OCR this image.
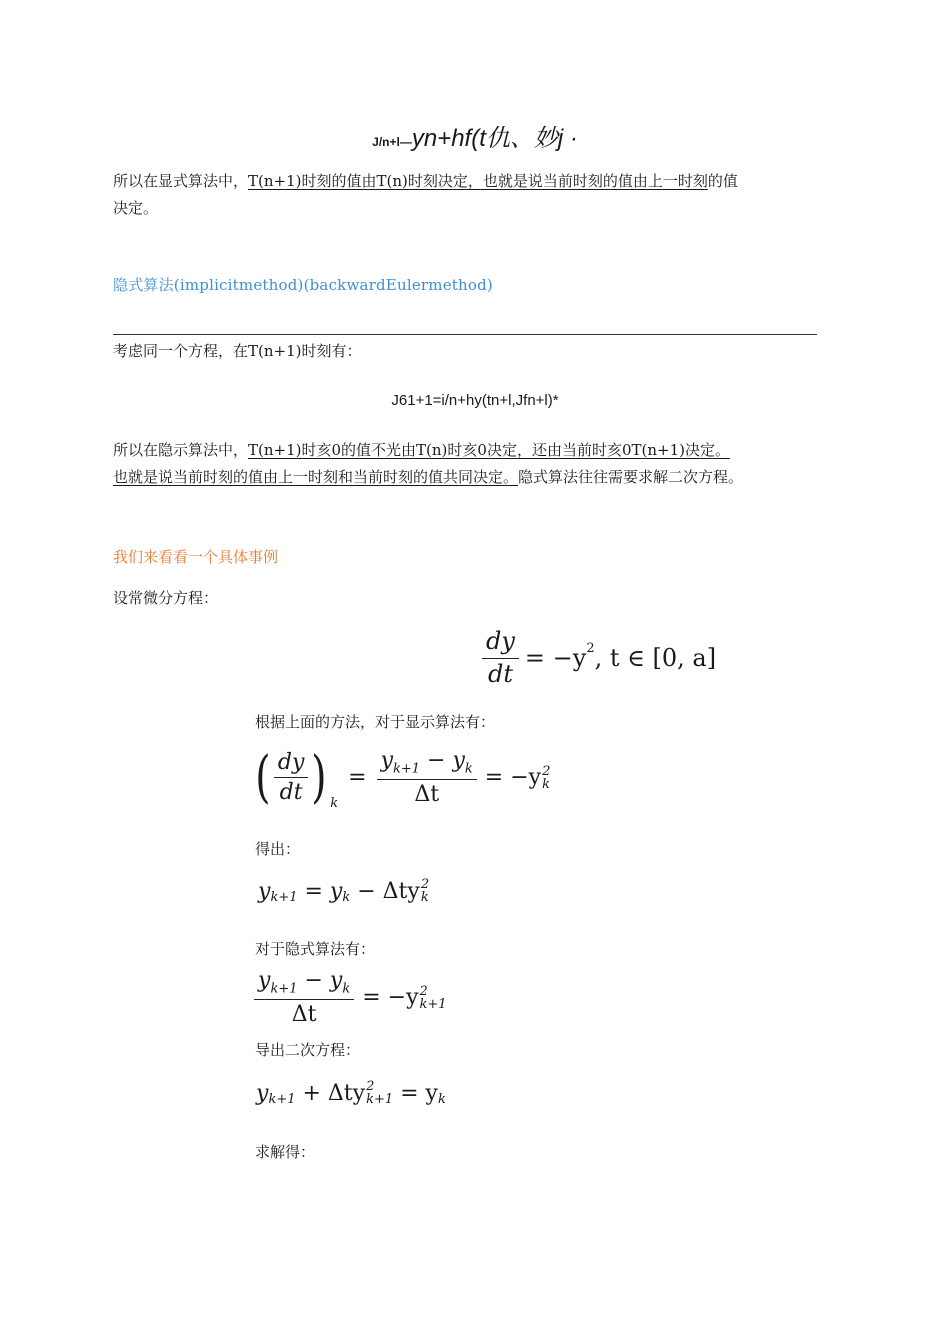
J/n+l—yn+hf(t仇、妙j ·
所以在显式算法中，T(n+1)时刻的值由T(n)时刻决定，也就是说当前时刻的值由上一时刻的值
决定。
隐式算法(implicitmethod)(backwardEulermethod)
考虑同一个方程，在T(n+1)时刻有：
J61+1=i/n+hy(tn+l,Jfn+l)*
所以在隐示算法中，T(n+1)时亥0的值不光由T(n)时亥0决定，还由当前时亥0T(n+1)决定。
也就是说当前时刻的值由上一时刻和当前时刻的值共同决定。隐式算法往往需要求解二次方程。
我们来看看一个具体事例
设常微分方程：
$\frac{dy}{dt} = -y^2$ , t ∈ [0, a]
根据上面的方法，对于显示算法有：
( $\frac{dy}{dt}$ ) $_k$
= $\frac{y_{k+1} - y_k}{\Delta t} = -y$ 2
k
得出：
$y_{k+1} = y_k - \Delta ty$ 2
k
对于隐式算法有：
$\frac{y_{k+1} - y_k}{\Delta t} = -y$ 2
k+1
导出二次方程：
$y_{k+1} + \Delta ty$ 2
$k+1 = y_k$
求解得：
